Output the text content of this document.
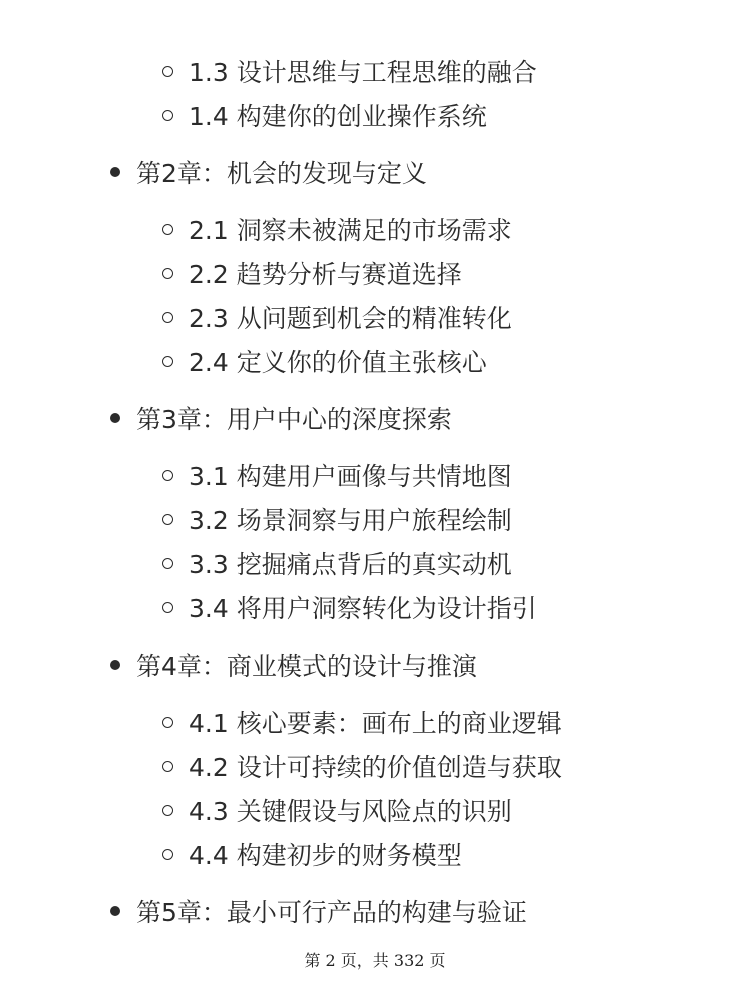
1.3 设计思维与工程思维的融合
1.4 构建你的创业操作系统
第2章：机会的发现与定义
2.1 洞察未被满足的市场需求
2.2 趋势分析与赛道选择
2.3 从问题到机会的精准转化
2.4 定义你的价值主张核心
第3章：用户中心的深度探索
3.1 构建用户画像与共情地图
3.2 场景洞察与用户旅程绘制
3.3 挖掘痛点背后的真实动机
3.4 将用户洞察转化为设计指引
第4章：商业模式的设计与推演
4.1 核心要素：画布上的商业逻辑
4.2 设计可持续的价值创造与获取
4.3 关键假设与风险点的识别
4.4 构建初步的财务模型
第5章：最小可行产品的构建与验证
第 2 页，共 332 页
